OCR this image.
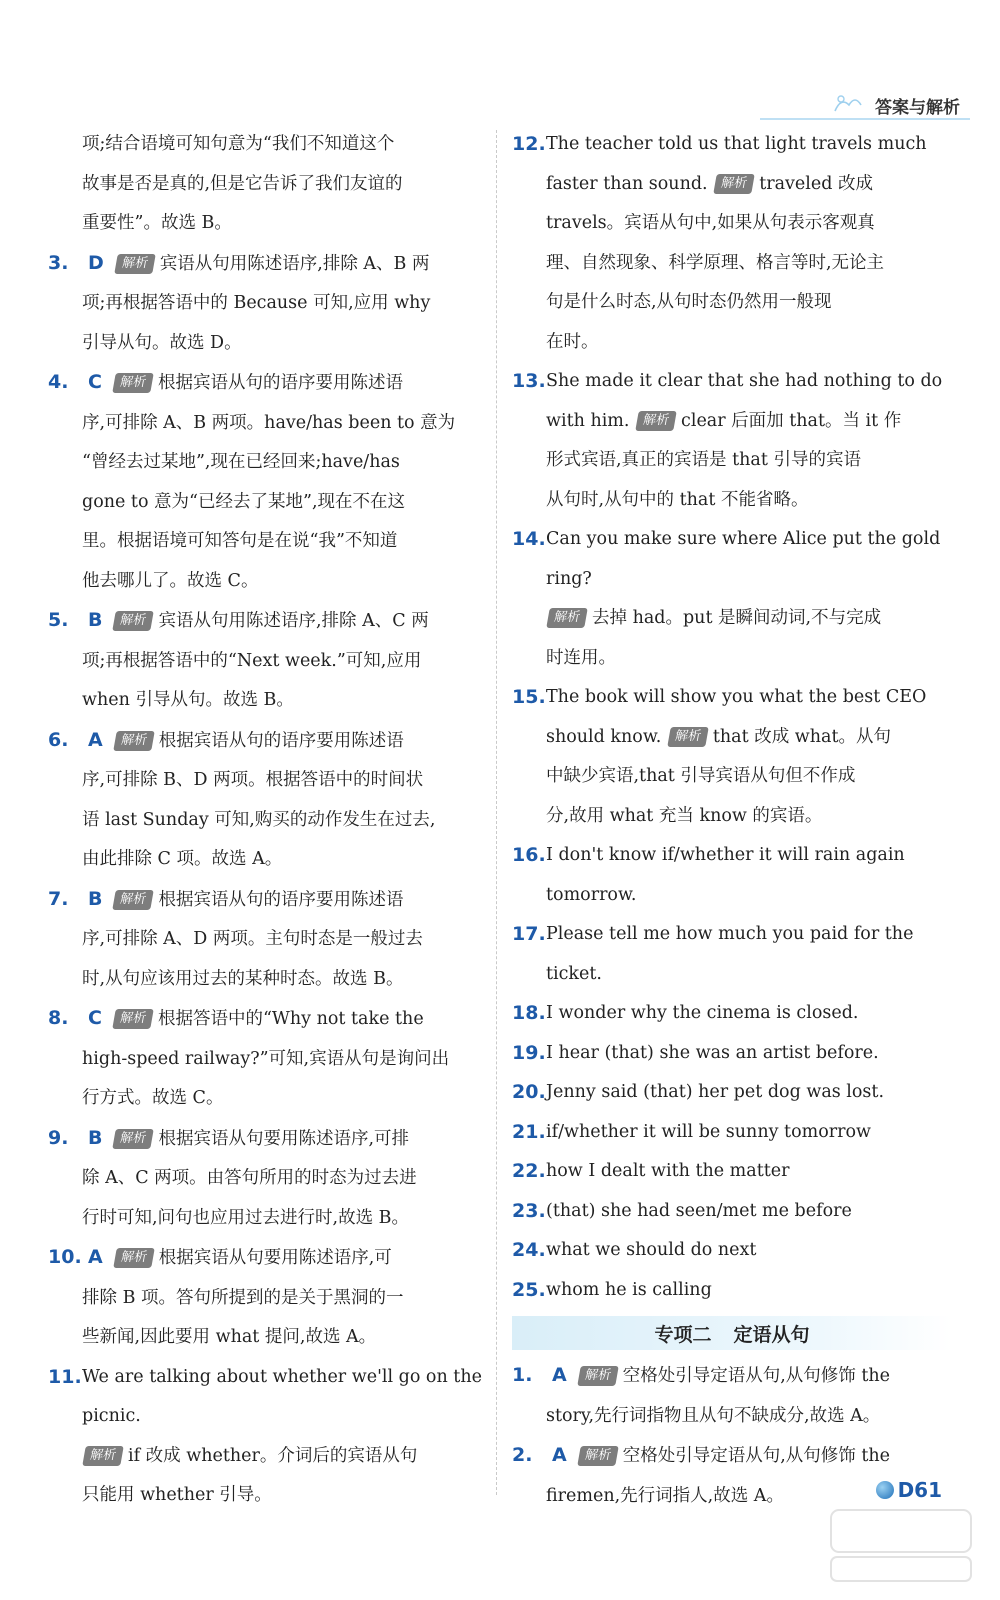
答案与解析
项;结合语境可知句意为“我们不知道这个
故事是否是真的,但是它告诉了我们友谊的
重要性”。故选 B。
3.	D 解析 宾语从句用陈述语序,排除 A、B 两
项;再根据答语中的 Because 可知,应用 why
引导从句。故选 D。
4.	C 解析 根据宾语从句的语序要用陈述语
序,可排除 A、B 两项。have/has been to 意为
“曾经去过某地”,现在已经回来;have/has
gone to 意为“已经去了某地”,现在不在这
里。根据语境可知答句是在说“我”不知道
他去哪儿了。故选 C。
5.	B 解析 宾语从句用陈述语序,排除 A、C 两
项;再根据答语中的“Next week.”可知,应用
when 引导从句。故选 B。
6.	A 解析 根据宾语从句的语序要用陈述语
序,可排除 B、D 两项。根据答语中的时间状
语 last Sunday 可知,购买的动作发生在过去,
由此排除 C 项。故选 A。
7.	B 解析 根据宾语从句的语序要用陈述语
序,可排除 A、D 两项。主句时态是一般过去
时,从句应该用过去的某种时态。故选 B。
8.	C 解析 根据答语中的“Why not take the
high-speed railway?”可知,宾语从句是询问出
行方式。故选 C。
9.	B 解析 根据宾语从句要用陈述语序,可排
除 A、C 两项。由答句所用的时态为过去进
行时可知,问句也应用过去进行时,故选 B。
10. A 解析 根据宾语从句要用陈述语序,可
排除 B 项。答句所提到的是关于黑洞的一
些新闻,因此要用 what 提问,故选 A。
11. We are talking about whether we'll go on the
picnic.
解析 if 改成 whether。介词后的宾语从句
只能用 whether 引导。
12. The teacher told us that light travels much
faster than sound. 解析 traveled 改成
travels。宾语从句中,如果从句表示客观真
理、自然现象、科学原理、格言等时,无论主
句是什么时态,从句时态仍然用一般现
在时。
13. She made it clear that she had nothing to do
with him. 解析 clear 后面加 that。当 it 作
形式宾语,真正的宾语是 that 引导的宾语
从句时,从句中的 that 不能省略。
14. Can you make sure where Alice put the gold
ring?
解析 去掉 had。put 是瞬间动词,不与完成
时连用。
15. The book will show you what the best CEO
should know. 解析 that 改成 what。从句
中缺少宾语,that 引导宾语从句但不作成
分,故用 what 充当 know 的宾语。
16. I don't know if/whether it will rain again
tomorrow.
17. Please tell me how much you paid for the
ticket.
18. I wonder why the cinema is closed.
19. I hear (that) she was an artist before.
20. Jenny said (that) her pet dog was lost.
21. if/whether it will be sunny tomorrow
22. how I dealt with the matter
23. (that) she had seen/met me before
24. what we should do next
25. whom he is calling
专项二 定语从句
1.	A 解析 空格处引导定语从句,从句修饰 the
story,先行词指物且从句不缺成分,故选 A。
2.	A 解析 空格处引导定语从句,从句修饰 the
firemen,先行词指人,故选 A。	D61
